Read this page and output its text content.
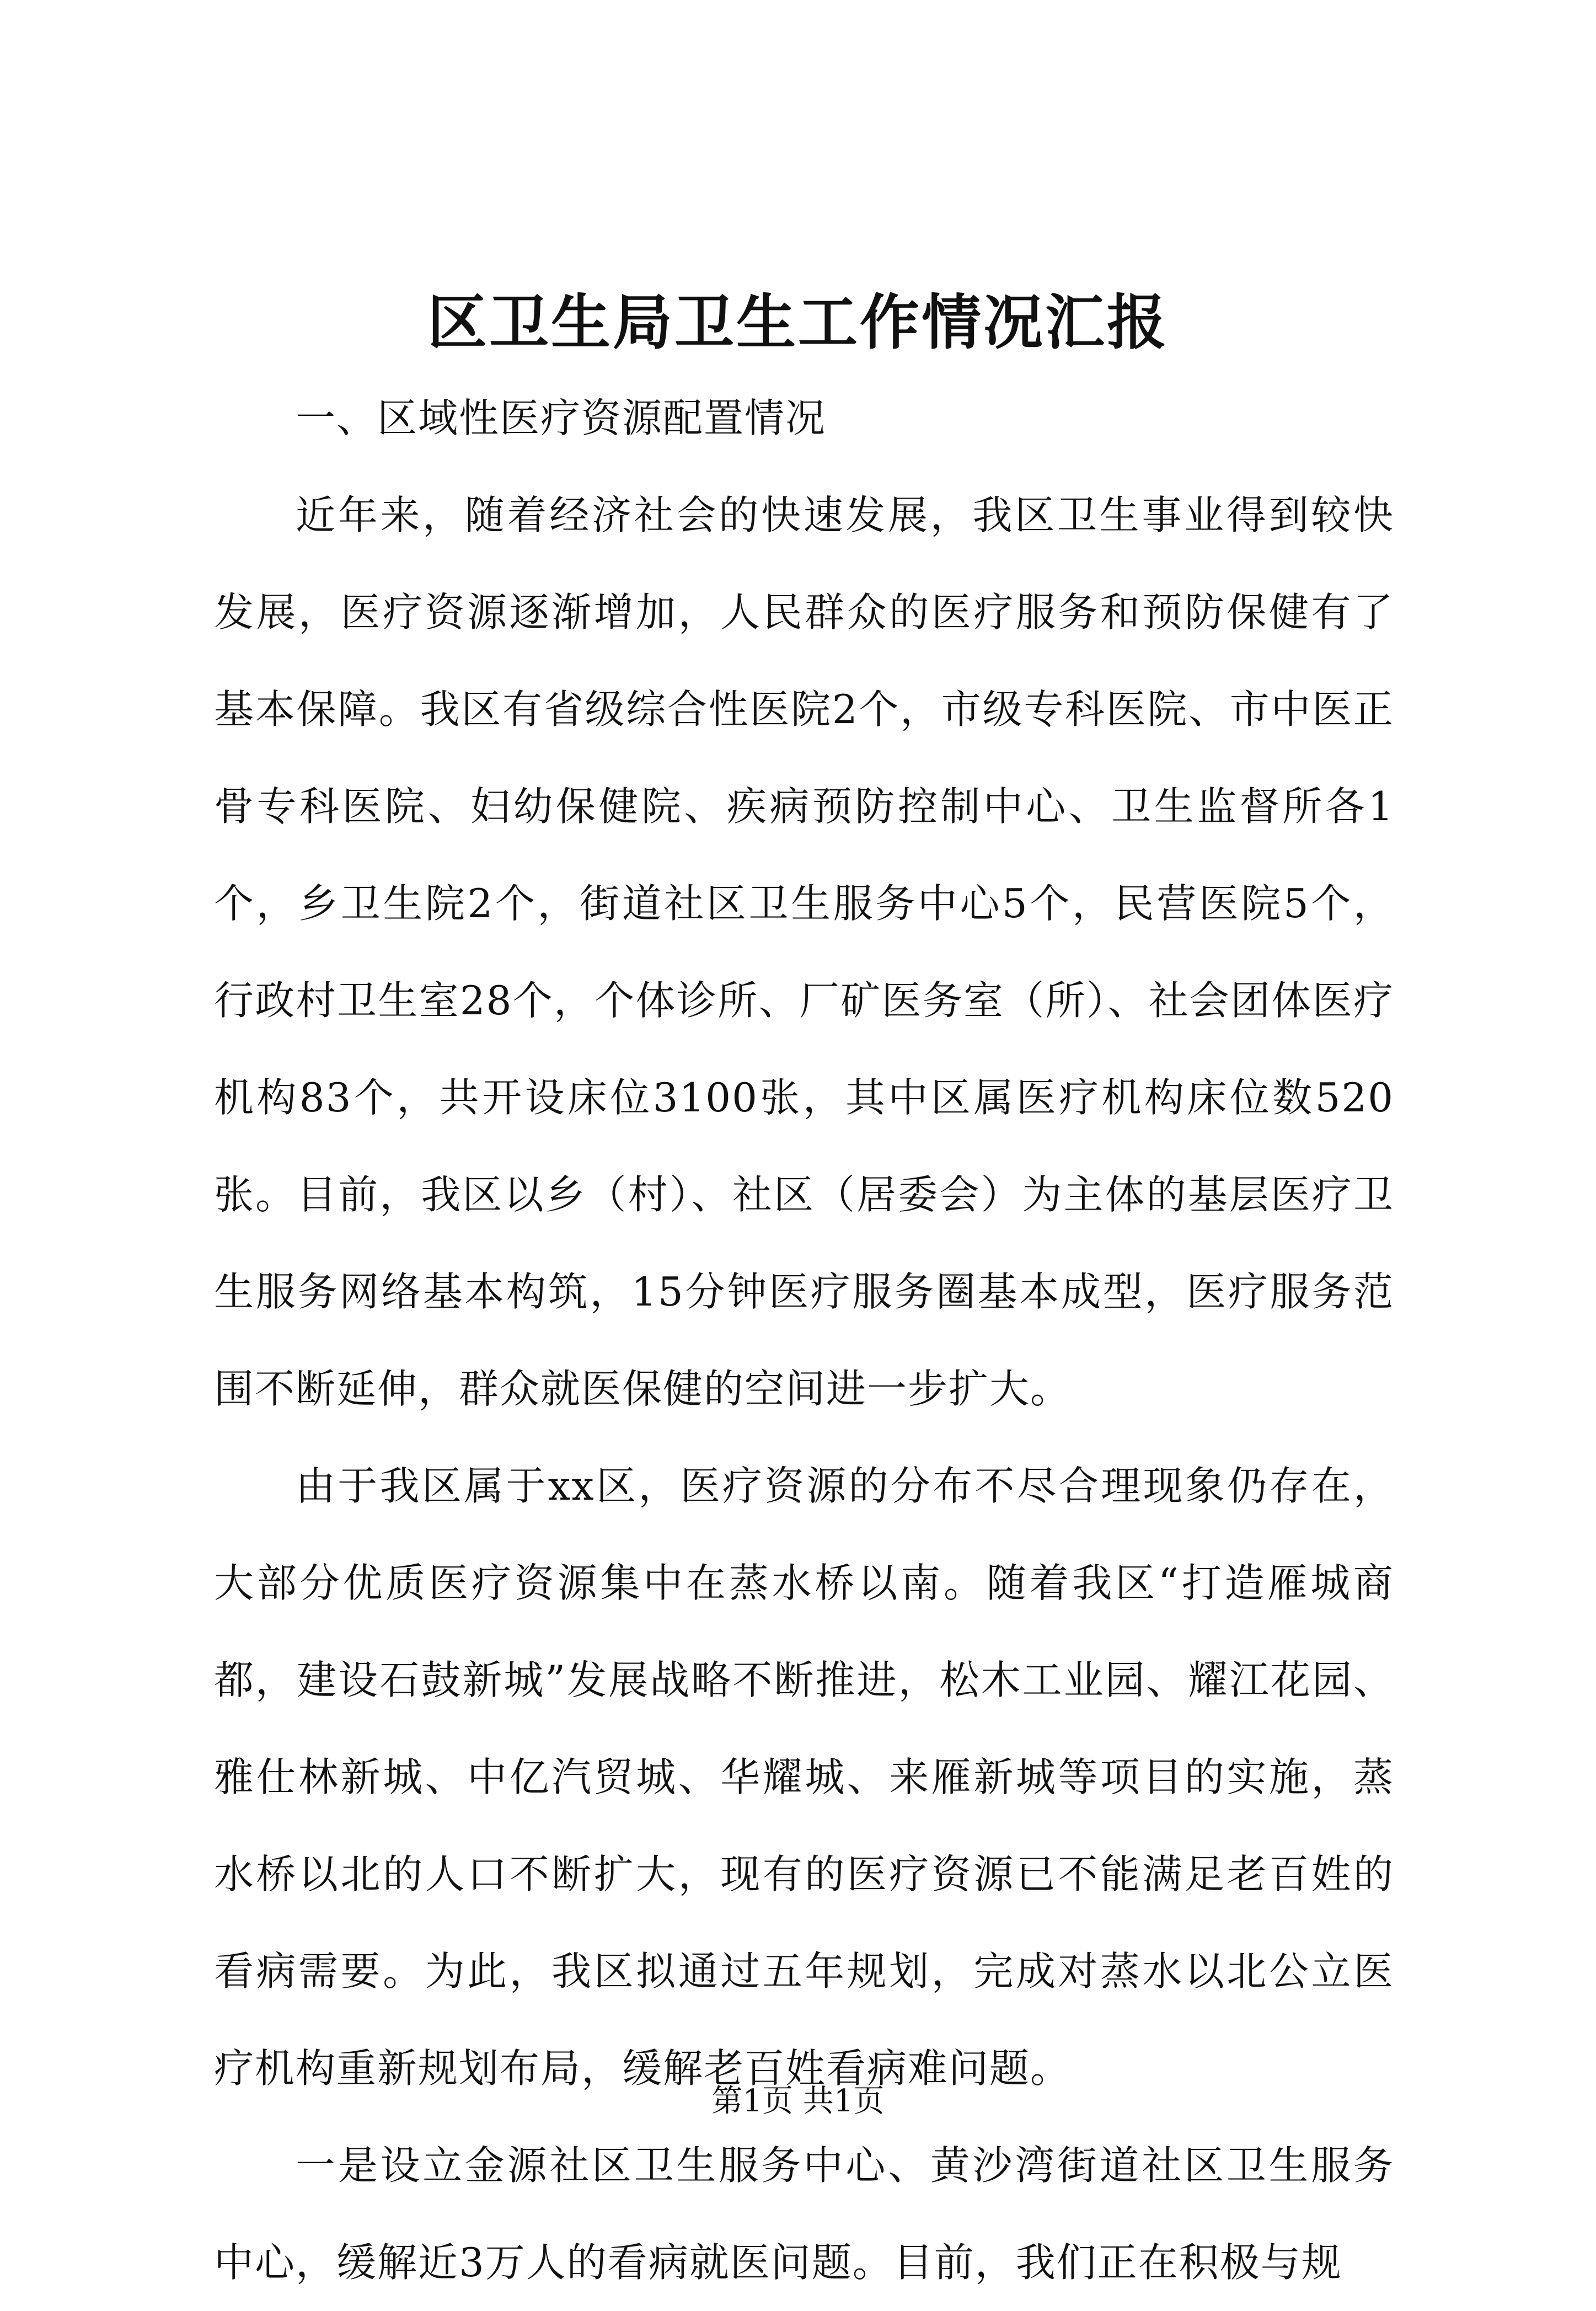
区卫生局卫生工作情况汇报

一、区域性医疗资源配置情况

近年来，随着经济社会的快速发展，我区卫生事业得到较快发展，医疗资源逐渐增加，人民群众的医疗服务和预防保健有了基本保障。我区有省级综合性医院2个，市级专科医院、市中医正骨专科医院、妇幼保健院、疾病预防控制中心、卫生监督所各1个，乡卫生院2个，街道社区卫生服务中心5个，民营医院5个，行政村卫生室28个，个体诊所、厂矿医务室（所）、社会团体医疗机构83个，共开设床位3100张，其中区属医疗机构床位数520张。目前，我区以乡（村）、社区（居委会）为主体的基层医疗卫生服务网络基本构筑，15分钟医疗服务圈基本成型，医疗服务范围不断延伸，群众就医保健的空间进一步扩大。

由于我区属于xx区，医疗资源的分布不尽合理现象仍存在，大部分优质医疗资源集中在蒸水桥以南。随着我区“打造雁城商都，建设石鼓新城”发展战略不断推进，松木工业园、耀江花园、雅仕林新城、中亿汽贸城、华耀城、来雁新城等项目的实施，蒸水桥以北的人口不断扩大，现有的医疗资源已不能满足老百姓的看病需要。为此，我区拟通过五年规划，完成对蒸水以北公立医疗机构重新规划布局，缓解老百姓看病难问题。

一是设立金源社区卫生服务中心、黄沙湾街道社区卫生服务中心，缓解近3万人的看病就医问题。目前，我们正在积极与规

第1页 共1页
